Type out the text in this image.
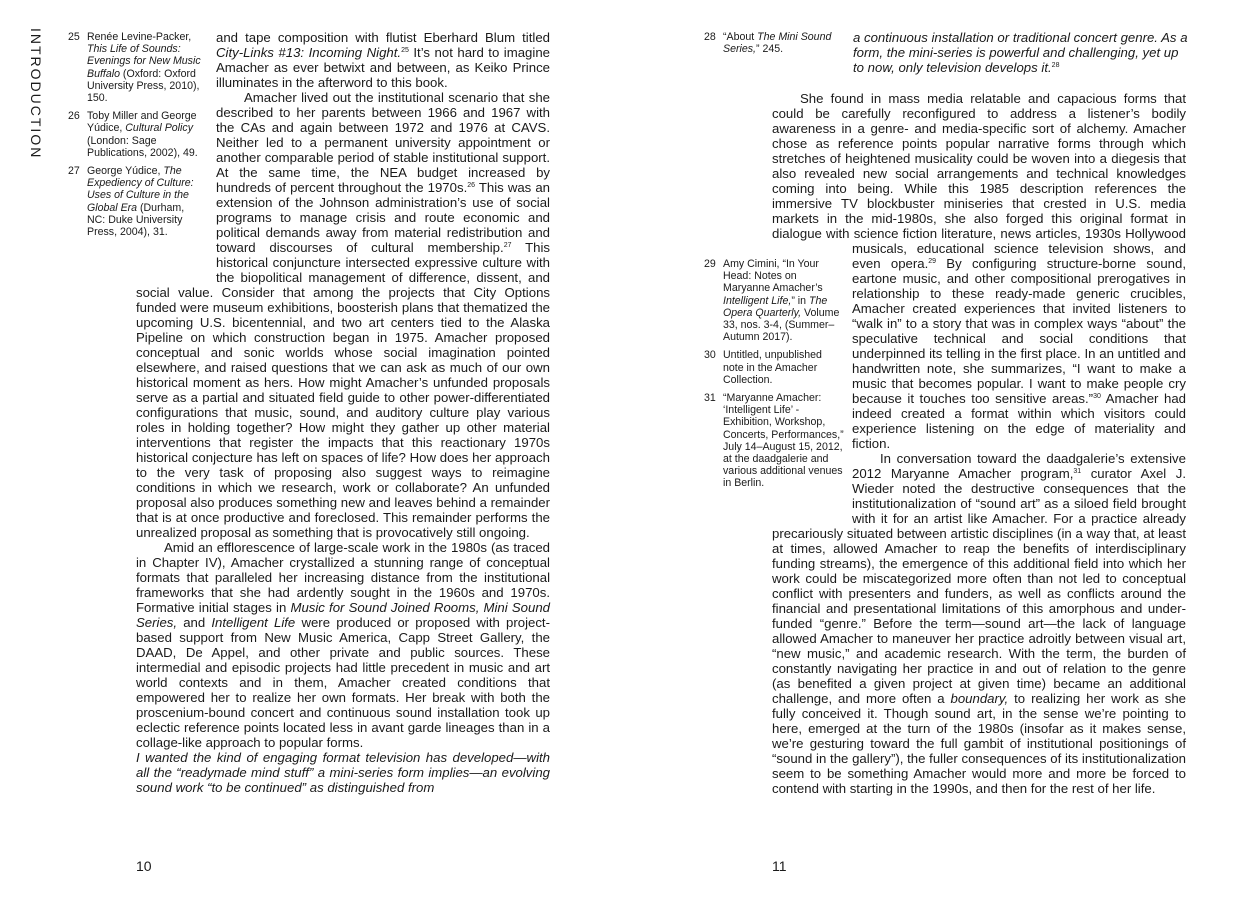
INTRODUCTION 25 Renée Levine-Packer, This Life of Sounds: Evenings for New Music Buffalo (Oxford: Oxford University Press, 2010), 150.
26 Toby Miller and George Yúdice, Cultural Policy (London: Sage Publications, 2002), 49.
27 George Yúdice, The Expediency of Culture: Uses of Culture in the Global Era (Durham, NC: Duke University Press, 2004), 31.

and tape composition with flutist Eberhard Blum titled City-Links #13: Incoming Night.$^{25}$ It’s not hard to imagine Amacher as ever betwixt and between, as Keiko Prince illuminates in the afterword to this book.

Amacher lived out the institutional scenario that she described to her parents between 1966 and 1967 with the CAs and again between 1972 and 1976 at CAVS. Neither led to a permanent university appointment or another comparable period of stable institutional support. At the same time, the NEA budget increased by hundreds of percent throughout the 1970s.$^{26}$ This was an extension of the Johnson administration’s use of social programs to manage crisis and route economic and political demands away from material redistribution and toward discourses of cultural membership.$^{27}$ This historical conjuncture intersected expressive culture with the biopolitical management of difference, dissent, and social value. Consider that among the projects that City Options funded were museum exhibitions, boosterish plans that thematized the upcoming U.S. bicentennial, and two art centers tied to the Alaska Pipeline on which construction began in 1975. Amacher proposed conceptual and sonic worlds whose social imagination pointed elsewhere, and raised questions that we can ask as much of our own historical moment as hers. How might Amacher’s unfunded proposals serve as a partial and situated field guide to other power-differentiated configurations that music, sound, and auditory culture play various roles in holding together? How might they gather up other material interventions that register the impacts that this reactionary 1970s historical conjecture has left on spaces of life? How does her approach to the very task of proposing also suggest ways to reimagine conditions in which we research, work or collaborate? An unfunded proposal also produces something new and leaves behind a remainder that is at once productive and foreclosed. This remainder performs the unrealized proposal as something that is provocatively still ongoing.

Amid an efflorescence of large-scale work in the 1980s (as traced in Chapter IV), Amacher crystallized a stunning range of conceptual formats that paralleled her increasing distance from the institutional frameworks that she had ardently sought in the 1960s and 1970s. Formative initial stages in Music for Sound Joined Rooms, Mini Sound Series, and Intelligent Life were produced or proposed with project-based support from New Music America, Capp Street Gallery, the DAAD, De Appel, and other private and public sources. These intermedial and episodic projects had little precedent in music and art world contexts and in them, Amacher created conditions that empowered her to realize her own formats. Her break with both the proscenium-bound concert and continuous sound installation took up eclectic reference points located less in avant garde lineages than in a collage-like approach to popular forms.

I wanted the kind of engaging format television has developed—with all the “readymade mind stuff” a mini-series form implies—an evolving sound work “to be continued” as distinguished from

10
28 “About The Mini Sound Series,” 245.
a continuous installation or traditional concert genre. As a form, the mini-series is powerful and challenging, yet up to now, only television develops it.$^{28}$
29 Amy Cimini, “In Your Head: Notes on Maryanne Amacher’s Intelligent Life,” in The Opera Quarterly, Volume 33, nos. 3-4, (Summer–Autumn 2017).
30 Untitled, unpublished note in the Amacher Collection.
31 “Maryanne Amacher: ‘Intelligent Life’ - Exhibition, Workshop, Concerts, Performances,” July 14–August 15, 2012, at the daadgalerie and various additional venues in Berlin.

She found in mass media relatable and capacious forms that could be carefully reconfigured to address a listener’s bodily awareness in a genre- and media-specific sort of alchemy. Amacher chose as reference points popular narrative forms through which stretches of heightened musicality could be woven into a diegesis that also revealed new social arrangements and technical knowledges coming into being. While this 1985 description references the immersive TV blockbuster miniseries that crested in U.S. media markets in the mid-1980s, she also forged this original format in dialogue with science fiction literature, news articles, 1930s Hollywood musicals, educational science television shows, and even opera.$^{29}$ By configuring structure-borne sound, eartone music, and other compositional prerogatives in relationship to these ready-made generic crucibles, Amacher created experiences that invited listeners to “walk in” to a story that was in complex ways “about” the speculative technical and social conditions that underpinned its telling in the first place. In an untitled and handwritten note, she summarizes, “I want to make a music that becomes popular. I want to make people cry because it touches too sensitive areas.”$^{30}$ Amacher had indeed created a format within which visitors could experience listening on the edge of materiality and fiction.

In conversation toward the daadgalerie’s extensive 2012 Maryanne Amacher program,$^{31}$ curator Axel J. Wieder noted the destructive consequences that the institutionalization of “sound art” as a siloed field brought with it for an artist like Amacher. For a practice already precariously situated between artistic disciplines (in a way that, at least at times, allowed Amacher to reap the benefits of interdisciplinary funding streams), the emergence of this additional field into which her work could be miscategorized more often than not led to conceptual conflict with presenters and funders, as well as conflicts around the financial and presentational limitations of this amorphous and under-funded “genre.” Before the term—sound art—the lack of language allowed Amacher to maneuver her practice adroitly between visual art, “new music,” and academic research. With the term, the burden of constantly navigating her practice in and out of relation to the genre (as benefited a given project at given time) became an additional challenge, and more often a boundary, to realizing her work as she fully conceived it. Though sound art, in the sense we’re pointing to here, emerged at the turn of the 1980s (insofar as it makes sense, we’re gesturing toward the full gambit of institutional positionings of “sound in the gallery”), the fuller consequences of its institutionalization seem to be something Amacher would more and more be forced to contend with starting in the 1990s, and then for the rest of her life.

11
